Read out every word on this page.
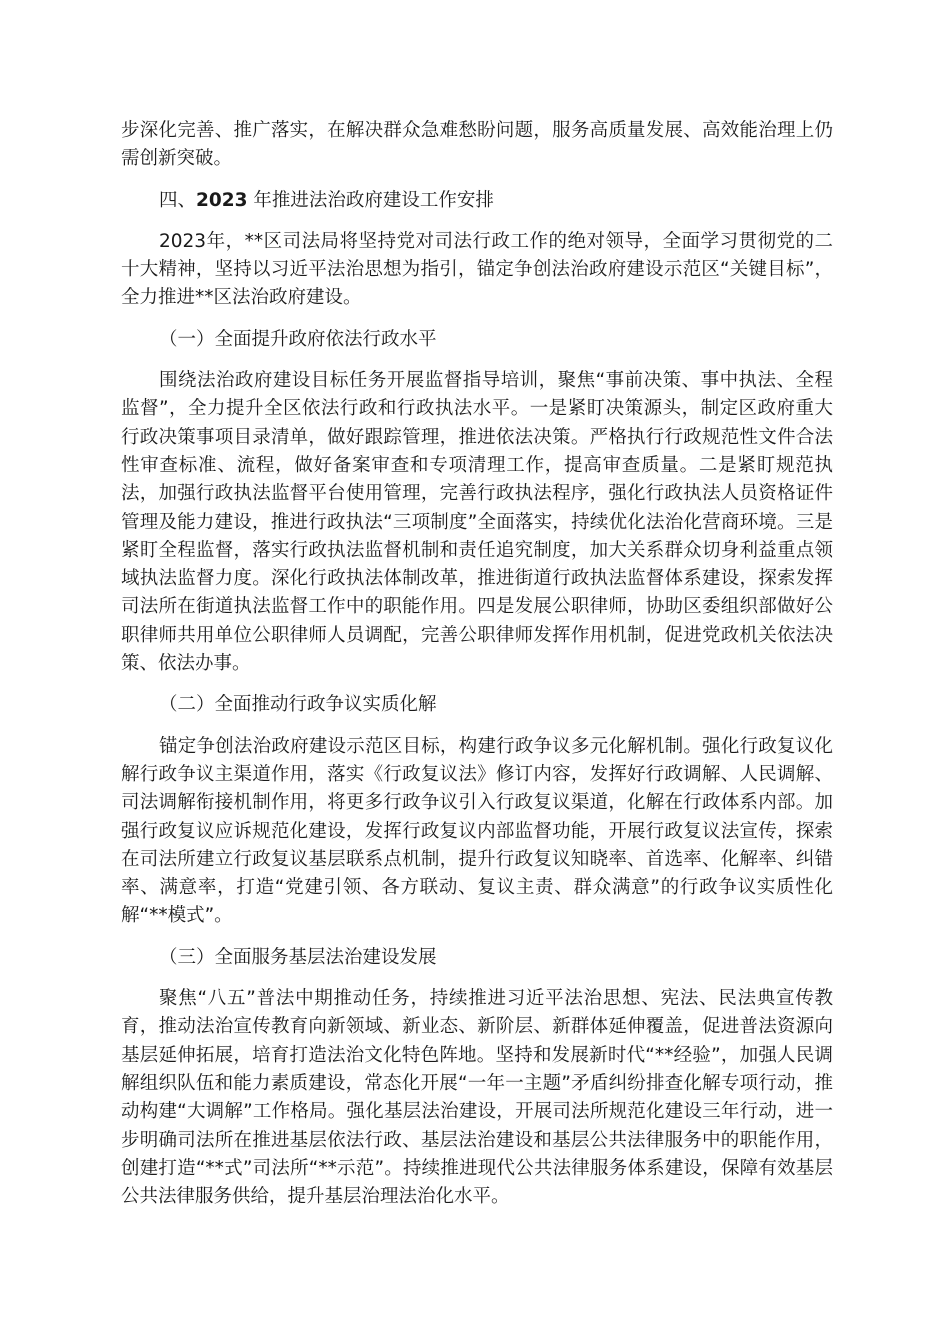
步深化完善、推广落实，在解决群众急难愁盼问题，服务高质量发展、高效能治理上仍需创新突破。

四、2023 年推进法治政府建设工作安排

2023年，**区司法局将坚持党对司法行政工作的绝对领导，全面学习贯彻党的二十大精神，坚持以习近平法治思想为指引，锚定争创法治政府建设示范区“关键目标”，全力推进**区法治政府建设。

（一）全面提升政府依法行政水平

围绕法治政府建设目标任务开展监督指导培训，聚焦“事前决策、事中执法、全程监督”，全力提升全区依法行政和行政执法水平。一是紧盯决策源头，制定区政府重大行政决策事项目录清单，做好跟踪管理，推进依法决策。严格执行行政规范性文件合法性审查标准、流程，做好备案审查和专项清理工作，提高审查质量。二是紧盯规范执法，加强行政执法监督平台使用管理，完善行政执法程序，强化行政执法人员资格证件管理及能力建设，推进行政执法“三项制度”全面落实，持续优化法治化营商环境。三是紧盯全程监督，落实行政执法监督机制和责任追究制度，加大关系群众切身利益重点领域执法监督力度。深化行政执法体制改革，推进街道行政执法监督体系建设，探索发挥司法所在街道执法监督工作中的职能作用。四是发展公职律师，协助区委组织部做好公职律师共用单位公职律师人员调配，完善公职律师发挥作用机制，促进党政机关依法决策、依法办事。

（二）全面推动行政争议实质化解

锚定争创法治政府建设示范区目标，构建行政争议多元化解机制。强化行政复议化解行政争议主渠道作用，落实《行政复议法》修订内容，发挥好行政调解、人民调解、司法调解衔接机制作用，将更多行政争议引入行政复议渠道，化解在行政体系内部。加强行政复议应诉规范化建设，发挥行政复议内部监督功能，开展行政复议法宣传，探索在司法所建立行政复议基层联系点机制，提升行政复议知晓率、首选率、化解率、纠错率、满意率，打造“党建引领、各方联动、复议主责、群众满意”的行政争议实质性化解“**模式”。

（三）全面服务基层法治建设发展

聚焦“八五”普法中期推动任务，持续推进习近平法治思想、宪法、民法典宣传教育，推动法治宣传教育向新领域、新业态、新阶层、新群体延伸覆盖，促进普法资源向基层延伸拓展，培育打造法治文化特色阵地。坚持和发展新时代“**经验”，加强人民调解组织队伍和能力素质建设，常态化开展“一年一主题”矛盾纠纷排查化解专项行动，推动构建“大调解”工作格局。强化基层法治建设，开展司法所规范化建设三年行动，进一步明确司法所在推进基层依法行政、基层法治建设和基层公共法律服务中的职能作用，创建打造“**式”司法所“**示范”。持续推进现代公共法律服务体系建设，保障有效基层公共法律服务供给，提升基层治理法治化水平。
